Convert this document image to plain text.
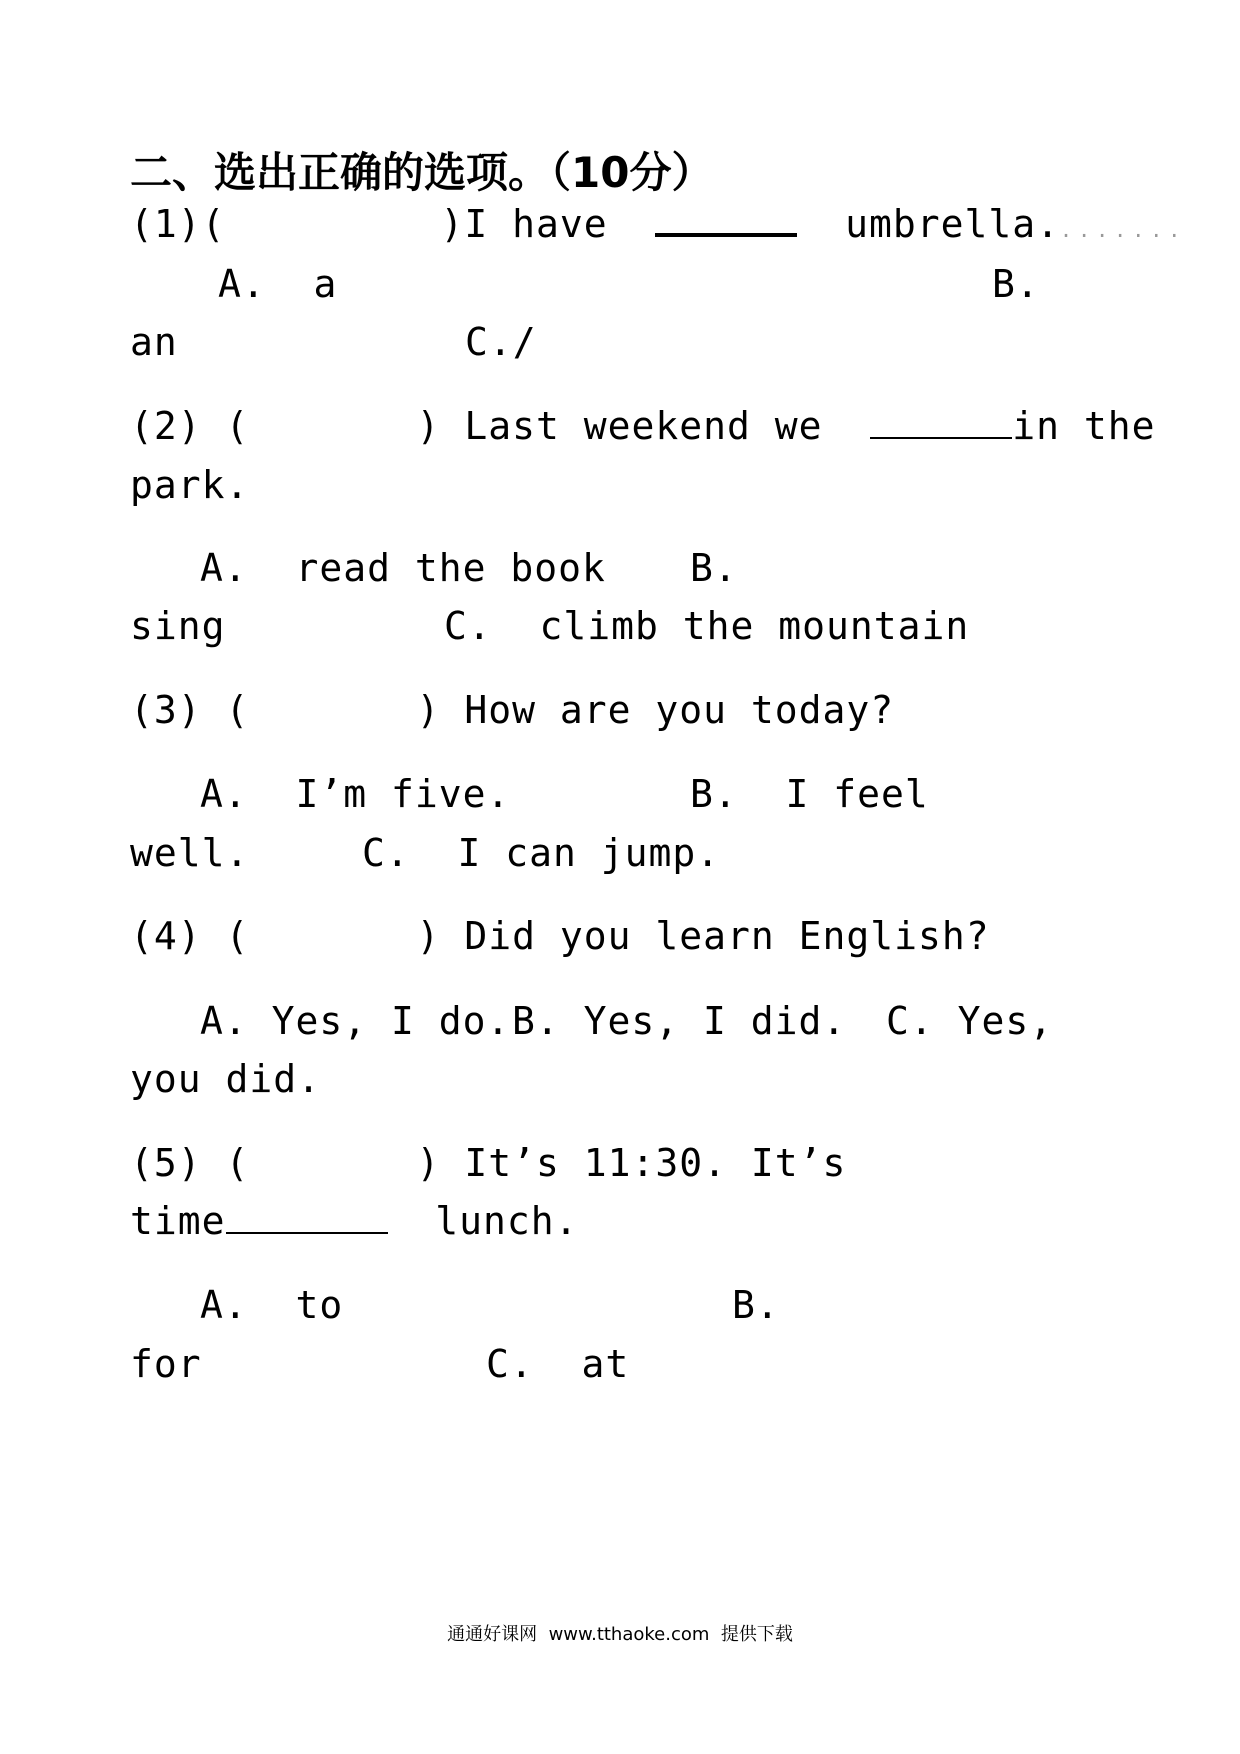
二、选出正确的选项。（10分）
(1)(         )I have	umbrella........
A.  a	B.
an	C./
(2) (       ) Last weekend we	in the
park.
A.  read the book B.
sing	C.  climb the mountain
(3) (       ) How are you today?
A.  I’m five.	B.  I feel
well.	C.  I can jump.
(4) (       ) Did you learn English?
A. Yes, I do. B. Yes, I did. C. Yes,
you did.
(5) (       ) It’s 11:30. It’s
time	lunch.
A.  to	B.
for	C.  at
通通好课网  www.tthaoke.com  提供下载
